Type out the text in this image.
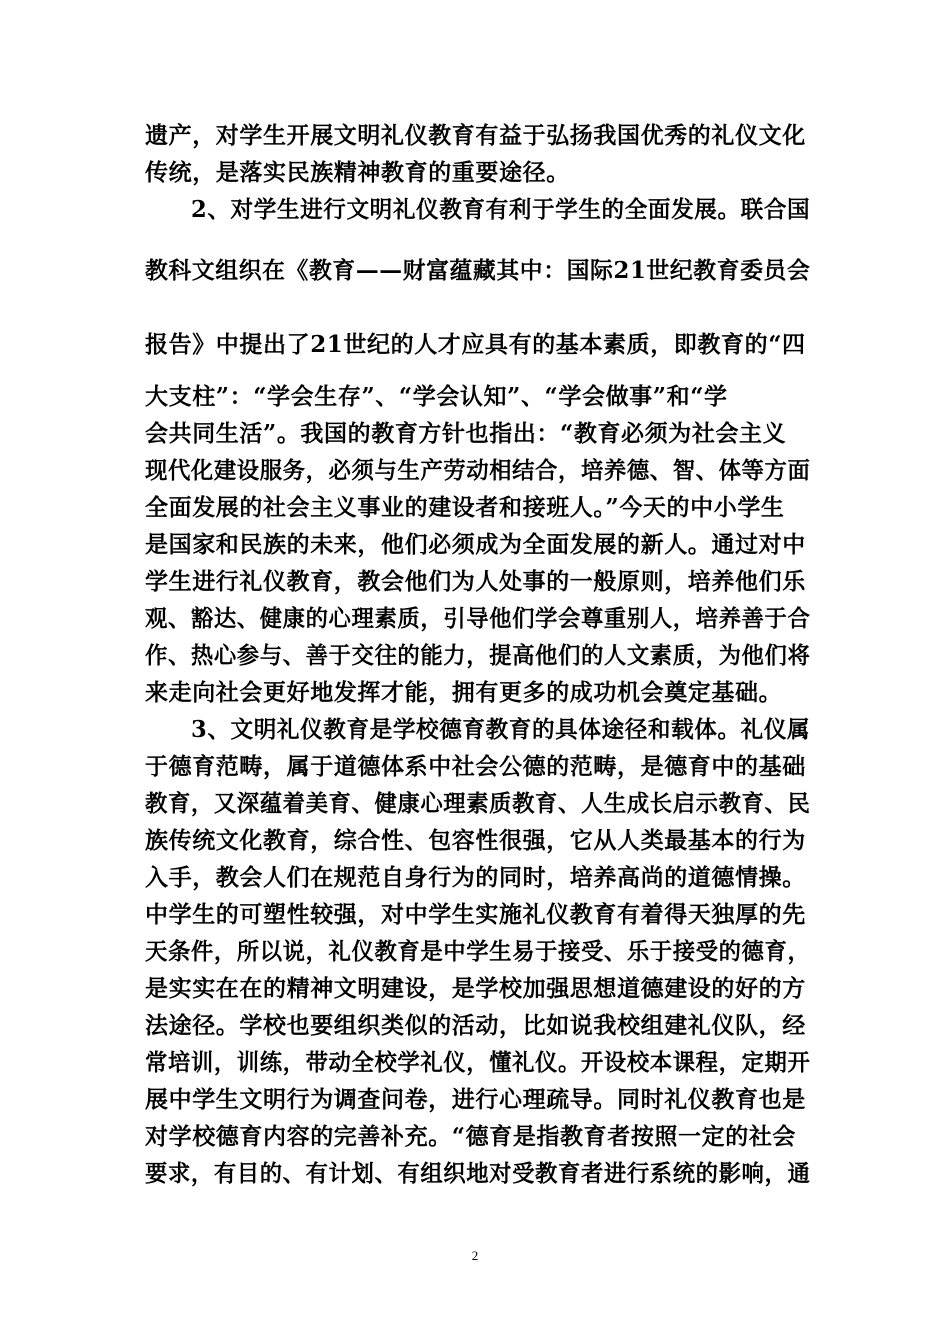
遗产，对学生开展文明礼仪教育有益于弘扬我国优秀的礼仪文化
传统，是落实民族精神教育的重要途径。
2、对学生进行文明礼仪教育有利于学生的全面发展。联合国
教科文组织在《教育——财富蕴藏其中：国际21世纪教育委员会
报告》中提出了21世纪的人才应具有的基本素质，即教育的“四
大支柱”：“学会生存”、“学会认知”、“学会做事”和“学
会共同生活”。我国的教育方针也指出：“教育必须为社会主义
现代化建设服务，必须与生产劳动相结合，培养德、智、体等方面
全面发展的社会主义事业的建设者和接班人。”今天的中小学生
是国家和民族的未来，他们必须成为全面发展的新人。通过对中
学生进行礼仪教育，教会他们为人处事的一般原则，培养他们乐
观、豁达、健康的心理素质，引导他们学会尊重别人，培养善于合
作、热心参与、善于交往的能力，提高他们的人文素质，为他们将
来走向社会更好地发挥才能，拥有更多的成功机会奠定基础。
3、文明礼仪教育是学校德育教育的具体途径和载体。礼仪属
于德育范畴，属于道德体系中社会公德的范畴，是德育中的基础
教育，又深蕴着美育、健康心理素质教育、人生成长启示教育、民
族传统文化教育，综合性、包容性很强，它从人类最基本的行为
入手，教会人们在规范自身行为的同时，培养高尚的道德情操。
中学生的可塑性较强，对中学生实施礼仪教育有着得天独厚的先
天条件，所以说，礼仪教育是中学生易于接受、乐于接受的德育，
是实实在在的精神文明建设，是学校加强思想道德建设的好的方
法途径。学校也要组织类似的活动，比如说我校组建礼仪队，经
常培训，训练，带动全校学礼仪，懂礼仪。开设校本课程，定期开
展中学生文明行为调查问卷，进行心理疏导。同时礼仪教育也是
对学校德育内容的完善补充。“德育是指教育者按照一定的社会
要求，有目的、有计划、有组织地对受教育者进行系统的影响，通
2
